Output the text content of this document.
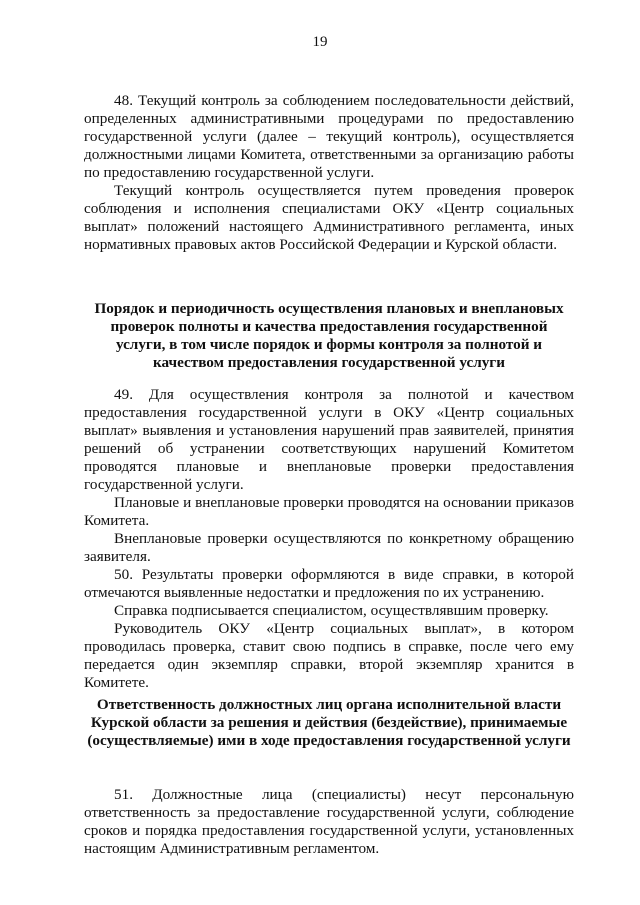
19

48. Текущий контроль за соблюдением последовательности действий, определенных административными процедурами по предоставлению государственной услуги (далее – текущий контроль), осуществляется должностными лицами Комитета, ответственными за организацию работы по предоставлению государственной услуги.

Текущий контроль осуществляется путем проведения проверок соблюдения и исполнения специалистами ОКУ «Центр социальных выплат» положений настоящего Административного регламента, иных нормативных правовых актов Российской Федерации и Курской области.

Порядок и периодичность осуществления плановых и внеплановых проверок полноты и качества предоставления государственной услуги, в том числе порядок и формы контроля за полнотой и качеством предоставления государственной услуги

49. Для осуществления контроля за полнотой и качеством предоставления государственной услуги в ОКУ «Центр социальных выплат» выявления и установления нарушений прав заявителей, принятия решений об устранении соответствующих нарушений Комитетом проводятся плановые и внеплановые проверки предоставления государственной услуги.

Плановые и внеплановые проверки проводятся на основании приказов Комитета.

Внеплановые проверки осуществляются по конкретному обращению заявителя.

50. Результаты проверки оформляются в виде справки, в которой отмечаются выявленные недостатки и предложения по их устранению.

Справка подписывается специалистом, осуществлявшим проверку.

Руководитель ОКУ «Центр социальных выплат», в котором проводилась проверка, ставит свою подпись в справке, после чего ему передается один экземпляр справки, второй экземпляр хранится в Комитете.

Ответственность должностных лиц органа исполнительной власти Курской области за решения и действия (бездействие), принимаемые (осуществляемые) ими в ходе предоставления государственной услуги

51. Должностные лица (специалисты) несут персональную ответственность за предоставление государственной услуги, соблюдение сроков и порядка предоставления государственной услуги, установленных настоящим Административным регламентом.
